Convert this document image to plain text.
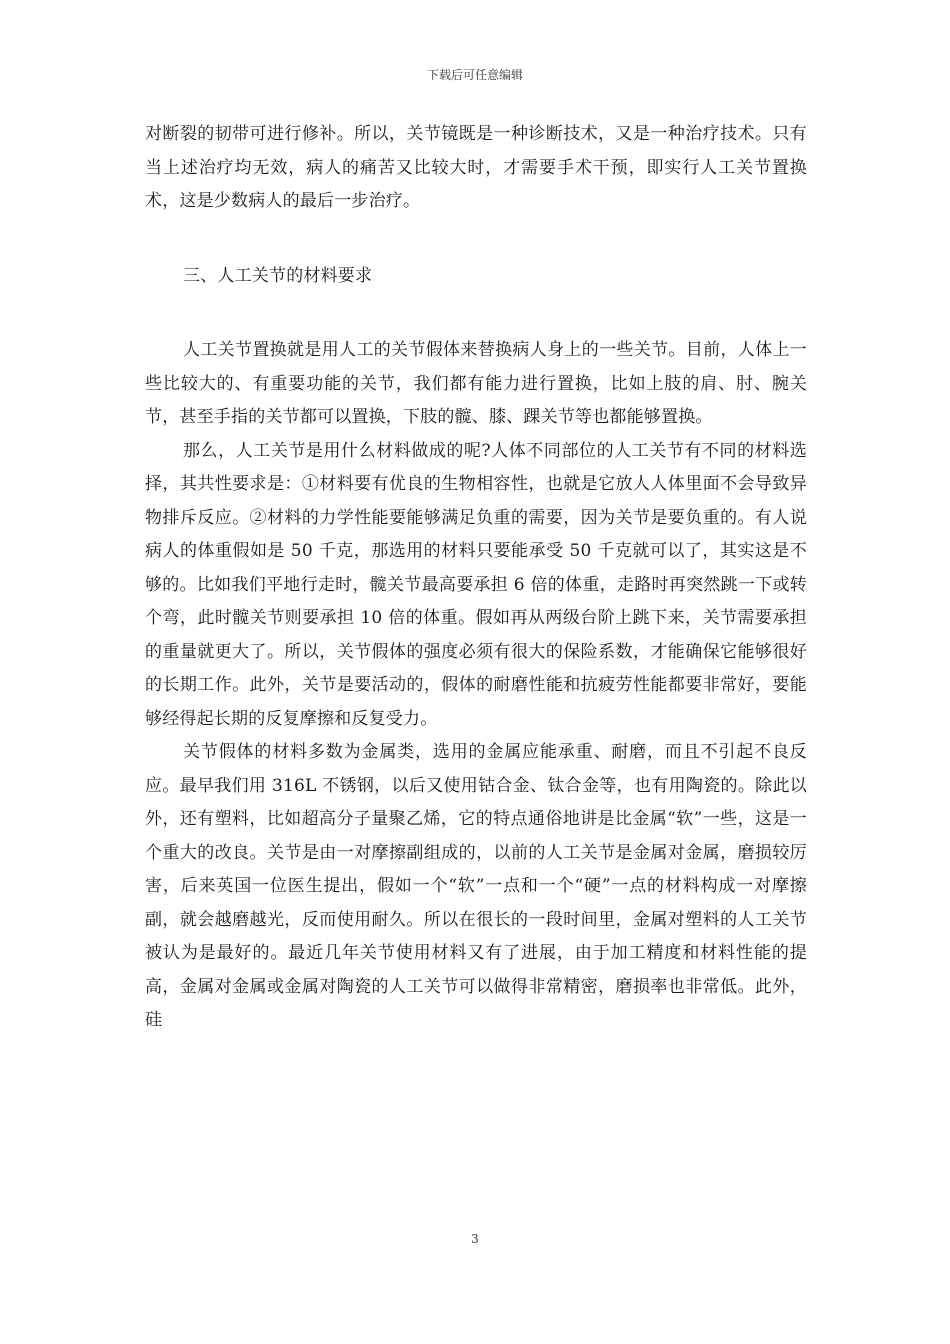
下载后可任意编辑

对断裂的韧带可进行修补。所以，关节镜既是一种诊断技术，又是一种治疗技术。只有当上述治疗均无效，病人的痛苦又比较大时，才需要手术干预，即实行人工关节置换术，这是少数病人的最后一步治疗。

三、人工关节的材料要求

人工关节置换就是用人工的关节假体来替换病人身上的一些关节。目前，人体上一些比较大的、有重要功能的关节，我们都有能力进行置换，比如上肢的肩、肘、腕关节，甚至手指的关节都可以置换，下肢的髋、膝、踝关节等也都能够置换。

那么，人工关节是用什么材料做成的呢?人体不同部位的人工关节有不同的材料选择，其共性要求是：①材料要有优良的生物相容性，也就是它放人人体里面不会导致异物排斥反应。②材料的力学性能要能够满足负重的需要，因为关节是要负重的。有人说病人的体重假如是 50 千克，那选用的材料只要能承受 50 千克就可以了，其实这是不够的。比如我们平地行走时，髋关节最高要承担 6 倍的体重，走路时再突然跳一下或转个弯，此时髋关节则要承担 10 倍的体重。假如再从两级台阶上跳下来，关节需要承担的重量就更大了。所以，关节假体的强度必须有很大的保险系数，才能确保它能够很好的长期工作。此外，关节是要活动的，假体的耐磨性能和抗疲劳性能都要非常好，要能够经得起长期的反复摩擦和反复受力。

关节假体的材料多数为金属类，选用的金属应能承重、耐磨，而且不引起不良反应。最早我们用 316L 不锈钢，以后又使用钴合金、钛合金等，也有用陶瓷的。除此以外，还有塑料，比如超高分子量聚乙烯，它的特点通俗地讲是比金属“软”一些，这是一个重大的改良。关节是由一对摩擦副组成的，以前的人工关节是金属对金属，磨损较厉害，后来英国一位医生提出，假如一个“软”一点和一个“硬”一点的材料构成一对摩擦副，就会越磨越光，反而使用耐久。所以在很长的一段时间里，金属对塑料的人工关节被认为是最好的。最近几年关节使用材料又有了进展，由于加工精度和材料性能的提高，金属对金属或金属对陶瓷的人工关节可以做得非常精密，磨损率也非常低。此外，硅

3
